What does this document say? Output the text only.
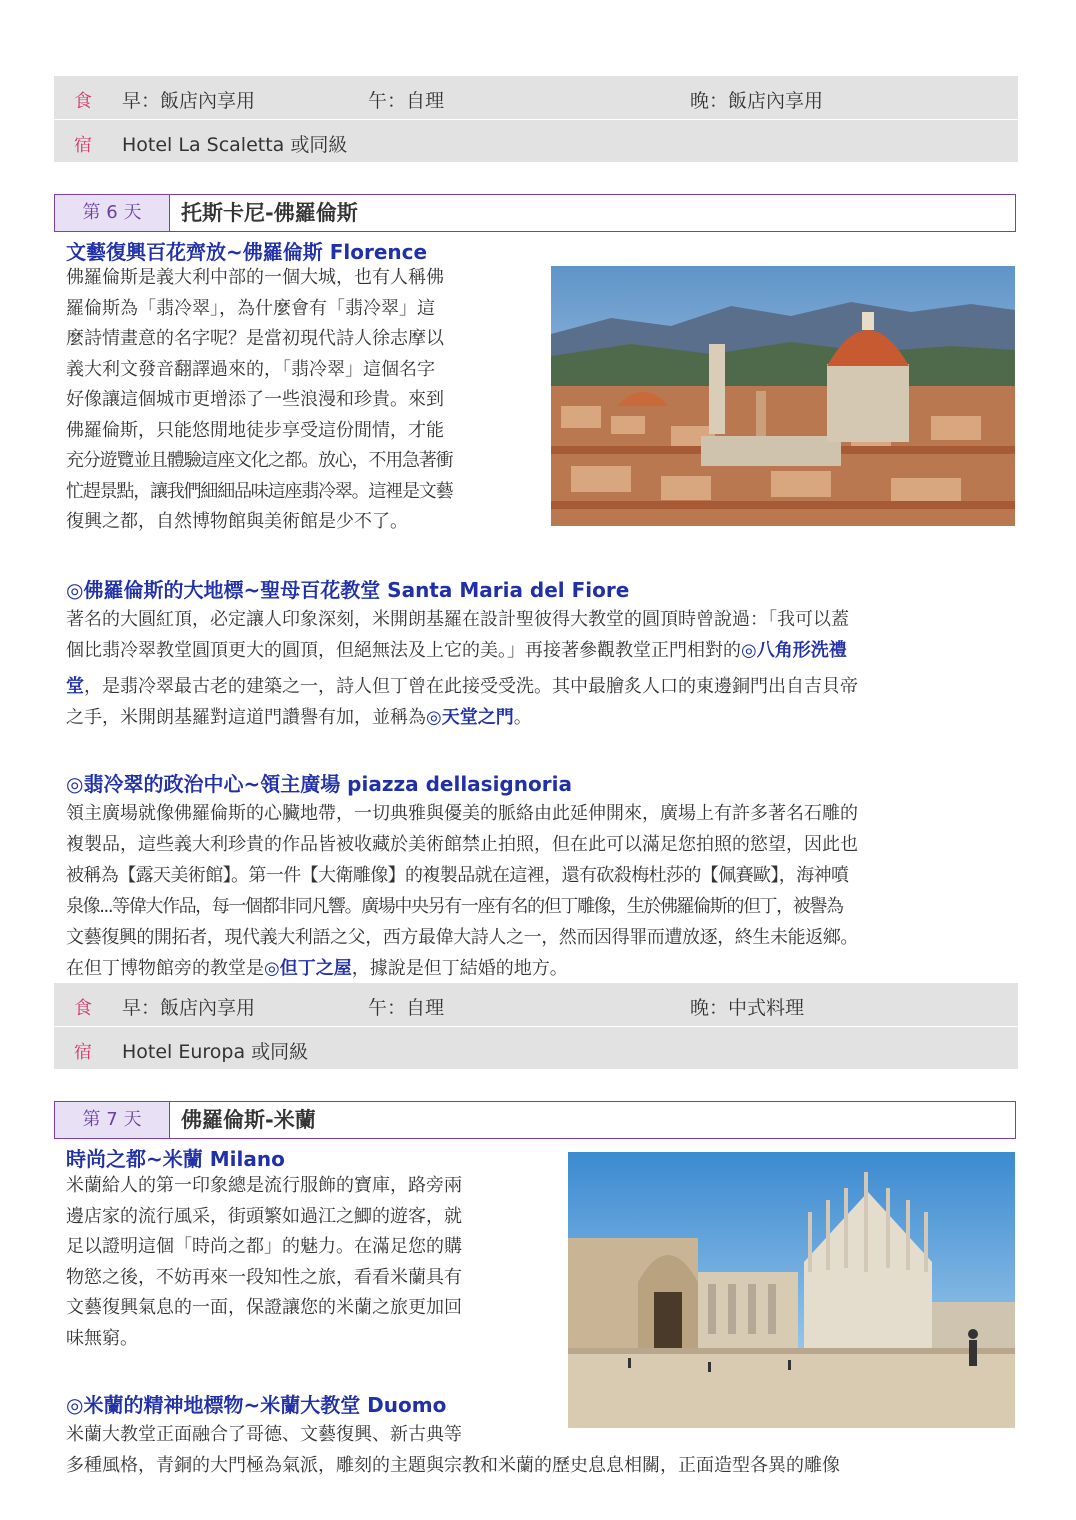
食 早：飯店內享用	午：自理	晚：飯店內享用
宿 Hotel La Scaletta 或同級
第 6 天	托斯卡尼-佛羅倫斯
文藝復興百花齊放~佛羅倫斯 Florence
佛羅倫斯是義大利中部的一個大城，也有人稱佛
羅倫斯為「翡冷翠」，為什麼會有「翡冷翠」這
麼詩情畫意的名字呢？是當初現代詩人徐志摩以
義大利文發音翻譯過來的，「翡冷翠」這個名字
好像讓這個城市更增添了一些浪漫和珍貴。來到
佛羅倫斯，只能悠閒地徒步享受這份閒情，才能
充分遊覽並且體驗這座文化之都。放心，不用急著衝
忙趕景點，讓我們細細品味這座翡冷翠。這裡是文藝
復興之都，自然博物館與美術館是少不了。
◎佛羅倫斯的大地標~聖母百花教堂 Santa Maria del Fiore
著名的大圓紅頂，必定讓人印象深刻，米開朗基羅在設計聖彼得大教堂的圓頂時曾說過：「我可以蓋
個比翡冷翠教堂圓頂更大的圓頂，但絕無法及上它的美。」再接著參觀教堂正門相對的◎八角形洗禮
堂，是翡冷翠最古老的建築之一，詩人但丁曾在此接受受洗。其中最膾炙人口的東邊銅門出自吉貝帝
之手，米開朗基羅對這道門讚譽有加，並稱為◎天堂之門。
◎翡冷翠的政治中心~領主廣場 piazza dellasignoria
領主廣場就像佛羅倫斯的心臟地帶，一切典雅與優美的脈絡由此延伸開來，廣場上有許多著名石雕的
複製品，這些義大利珍貴的作品皆被收藏於美術館禁止拍照，但在此可以滿足您拍照的慾望，因此也
被稱為【露天美術館】。第一件【大衛雕像】的複製品就在這裡，還有砍殺梅杜莎的【佩賽歐】，海神噴
泉像...等偉大作品，每一個都非同凡響。廣場中央另有一座有名的但丁雕像，生於佛羅倫斯的但丁，被譽為
文藝復興的開拓者，現代義大利語之父，西方最偉大詩人之一，然而因得罪而遭放逐，終生未能返鄉。
在但丁博物館旁的教堂是◎但丁之屋，據說是但丁結婚的地方。
食 早：飯店內享用	午：自理	晚：中式料理
宿 Hotel Europa 或同級
第 7 天	佛羅倫斯-米蘭
時尚之都~米蘭 Milano
米蘭給人的第一印象總是流行服飾的寶庫，路旁兩
邊店家的流行風采，街頭繁如過江之鯽的遊客，就
足以證明這個「時尚之都」的魅力。在滿足您的購
物慾之後，不妨再來一段知性之旅，看看米蘭具有
文藝復興氣息的一面，保證讓您的米蘭之旅更加回
味無窮。
◎米蘭的精神地標物~米蘭大教堂 Duomo
米蘭大教堂正面融合了哥德、文藝復興、新古典等
多種風格，青銅的大門極為氣派，雕刻的主題與宗教和米蘭的歷史息息相關，正面造型各異的雕像
